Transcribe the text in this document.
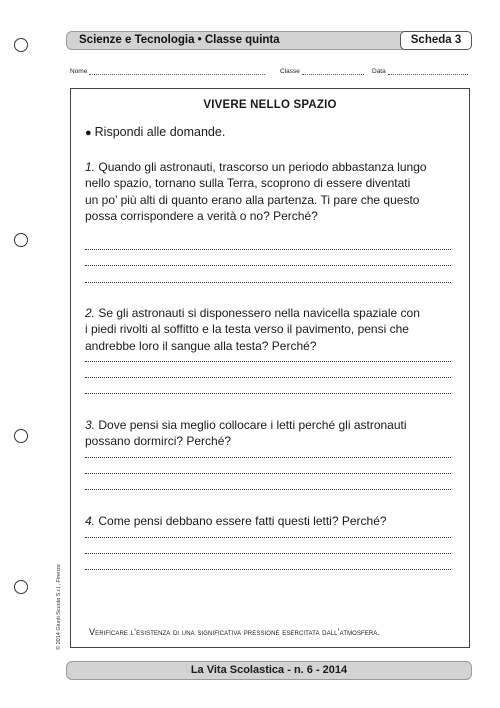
Scienze e Tecnologia • Classe quinta	Scheda 3
Nome	Classe	Data
VIVERE NELLO SPAZIO
● Rispondi alle domande.
1. Quando gli astronauti, trascorso un periodo abbastanza lungo
nello spazio, tornano sulla Terra, scoprono di essere diventati
un po’ più alti di quanto erano alla partenza. Ti pare che questo
possa corrispondere a verità o no? Perché?
2. Se gli astronauti si disponessero nella navicella spaziale con
i piedi rivolti al soffitto e la testa verso il pavimento, pensi che
andrebbe loro il sangue alla testa? Perché?
3. Dove pensi sia meglio collocare i letti perché gli astronauti
possano dormirci? Perché?
4. Come pensi debbano essere fatti questi letti? Perché?
Verificare l’esistenza di una significativa pressione esercitata dall’atmosfera.
© 2014 Giunti Scuola S.r.l., Firenze
La Vita Scolastica - n. 6 - 2014
